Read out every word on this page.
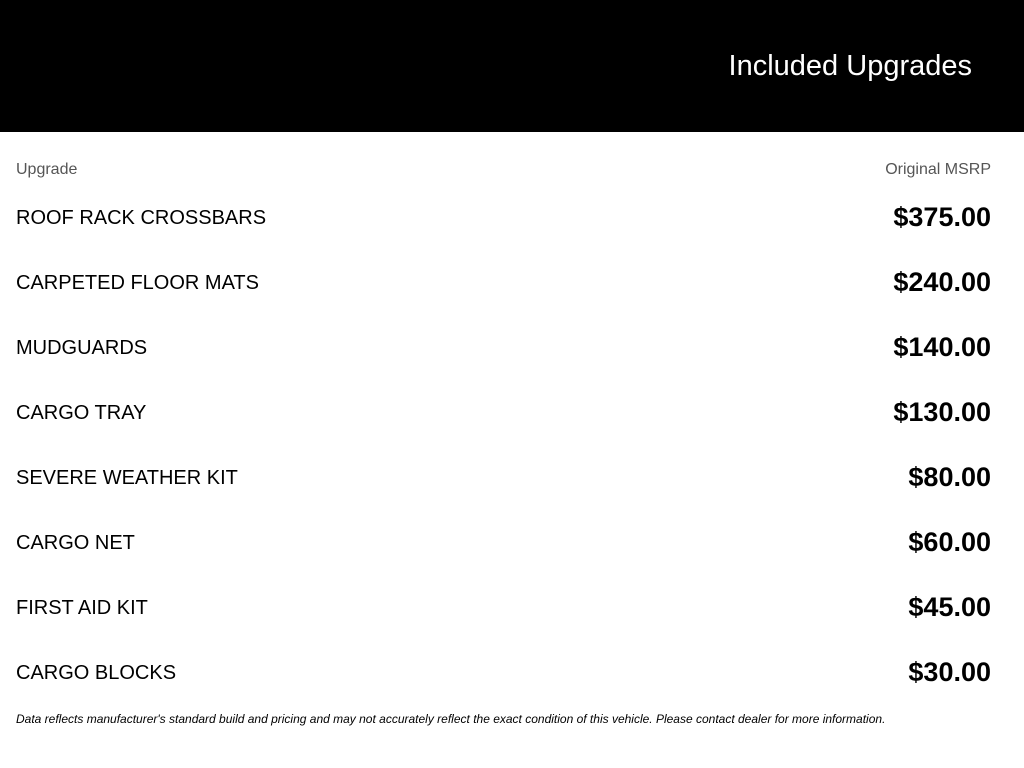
Included Upgrades
Upgrade	Original MSRP
ROOF RACK CROSSBARS	$375.00
CARPETED FLOOR MATS	$240.00
MUDGUARDS	$140.00
CARGO TRAY	$130.00
SEVERE WEATHER KIT	$80.00
CARGO NET	$60.00
FIRST AID KIT	$45.00
CARGO BLOCKS	$30.00
Data reflects manufacturer's standard build and pricing and may not accurately reflect the exact condition of this vehicle. Please contact dealer for more information.
